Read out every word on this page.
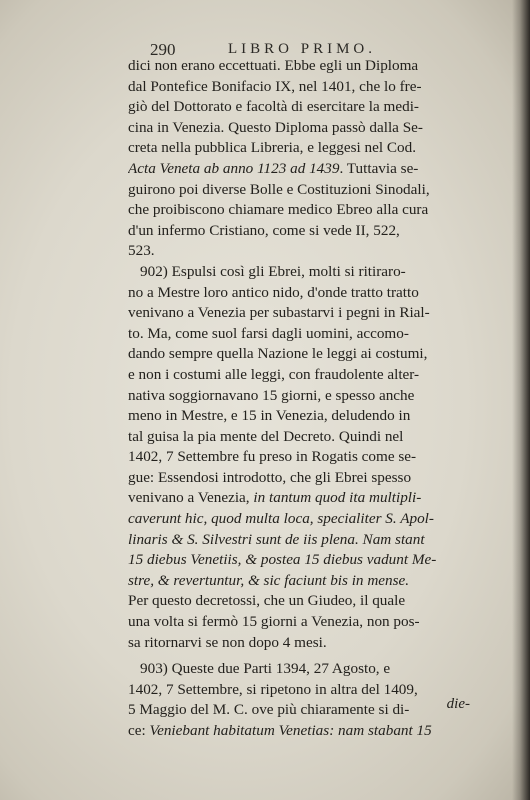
290	LIBRO PRIMO.
dici non erano eccettuati. Ebbe egli un Diploma
dal Pontefice Bonifacio IX, nel 1401, che lo fre-
giò del Dottorato e facoltà di esercitare la medi-
cina in Venezia. Questo Diploma passò dalla Se-
creta nella pubblica Libreria, e leggesi nel Cod.
Acta Veneta ab anno 1123 ad 1439. Tuttavia se-
guirono poi diverse Bolle e Costituzioni Sinodali,
che proibiscono chiamare medico Ebreo alla cura
d'un infermo Cristiano, come si vede II, 522,
523.
902) Espulsi così gli Ebrei, molti si ritiraro-
no a Mestre loro antico nido, d'onde tratto tratto
venivano a Venezia per subastarvi i pegni in Rial-
to. Ma, come suol farsi dagli uomini, accomo-
dando sempre quella Nazione le leggi ai costumi,
e non i costumi alle leggi, con fraudolente alter-
nativa soggiornavano 15 giorni, e spesso anche
meno in Mestre, e 15 in Venezia, deludendo in
tal guisa la pia mente del Decreto. Quindi nel
1402, 7 Settembre fu preso in Rogatis come se-
gue: Essendosi introdotto, che gli Ebrei spesso
venivano a Venezia, in tantum quod ita multipli-
caverunt hic, quod multa loca, specialiter S. Apol-
linaris & S. Silvestri sunt de iis plena. Nam stant
15 diebus Venetiis, & postea 15 diebus vadunt Me-
stre, & revertuntur, & sic faciunt bis in mense.
Per questo decretossi, che un Giudeo, il quale
una volta si fermò 15 giorni a Venezia, non pos-
sa ritornarvi se non dopo 4 mesi.
903) Queste due Parti 1394, 27 Agosto, e
1402, 7 Settembre, si ripetono in altra del 1409,
5 Maggio del M. C. ove più chiaramente si di-
ce: Veniebant habitatum Venetias: nam stabant 15
die-
